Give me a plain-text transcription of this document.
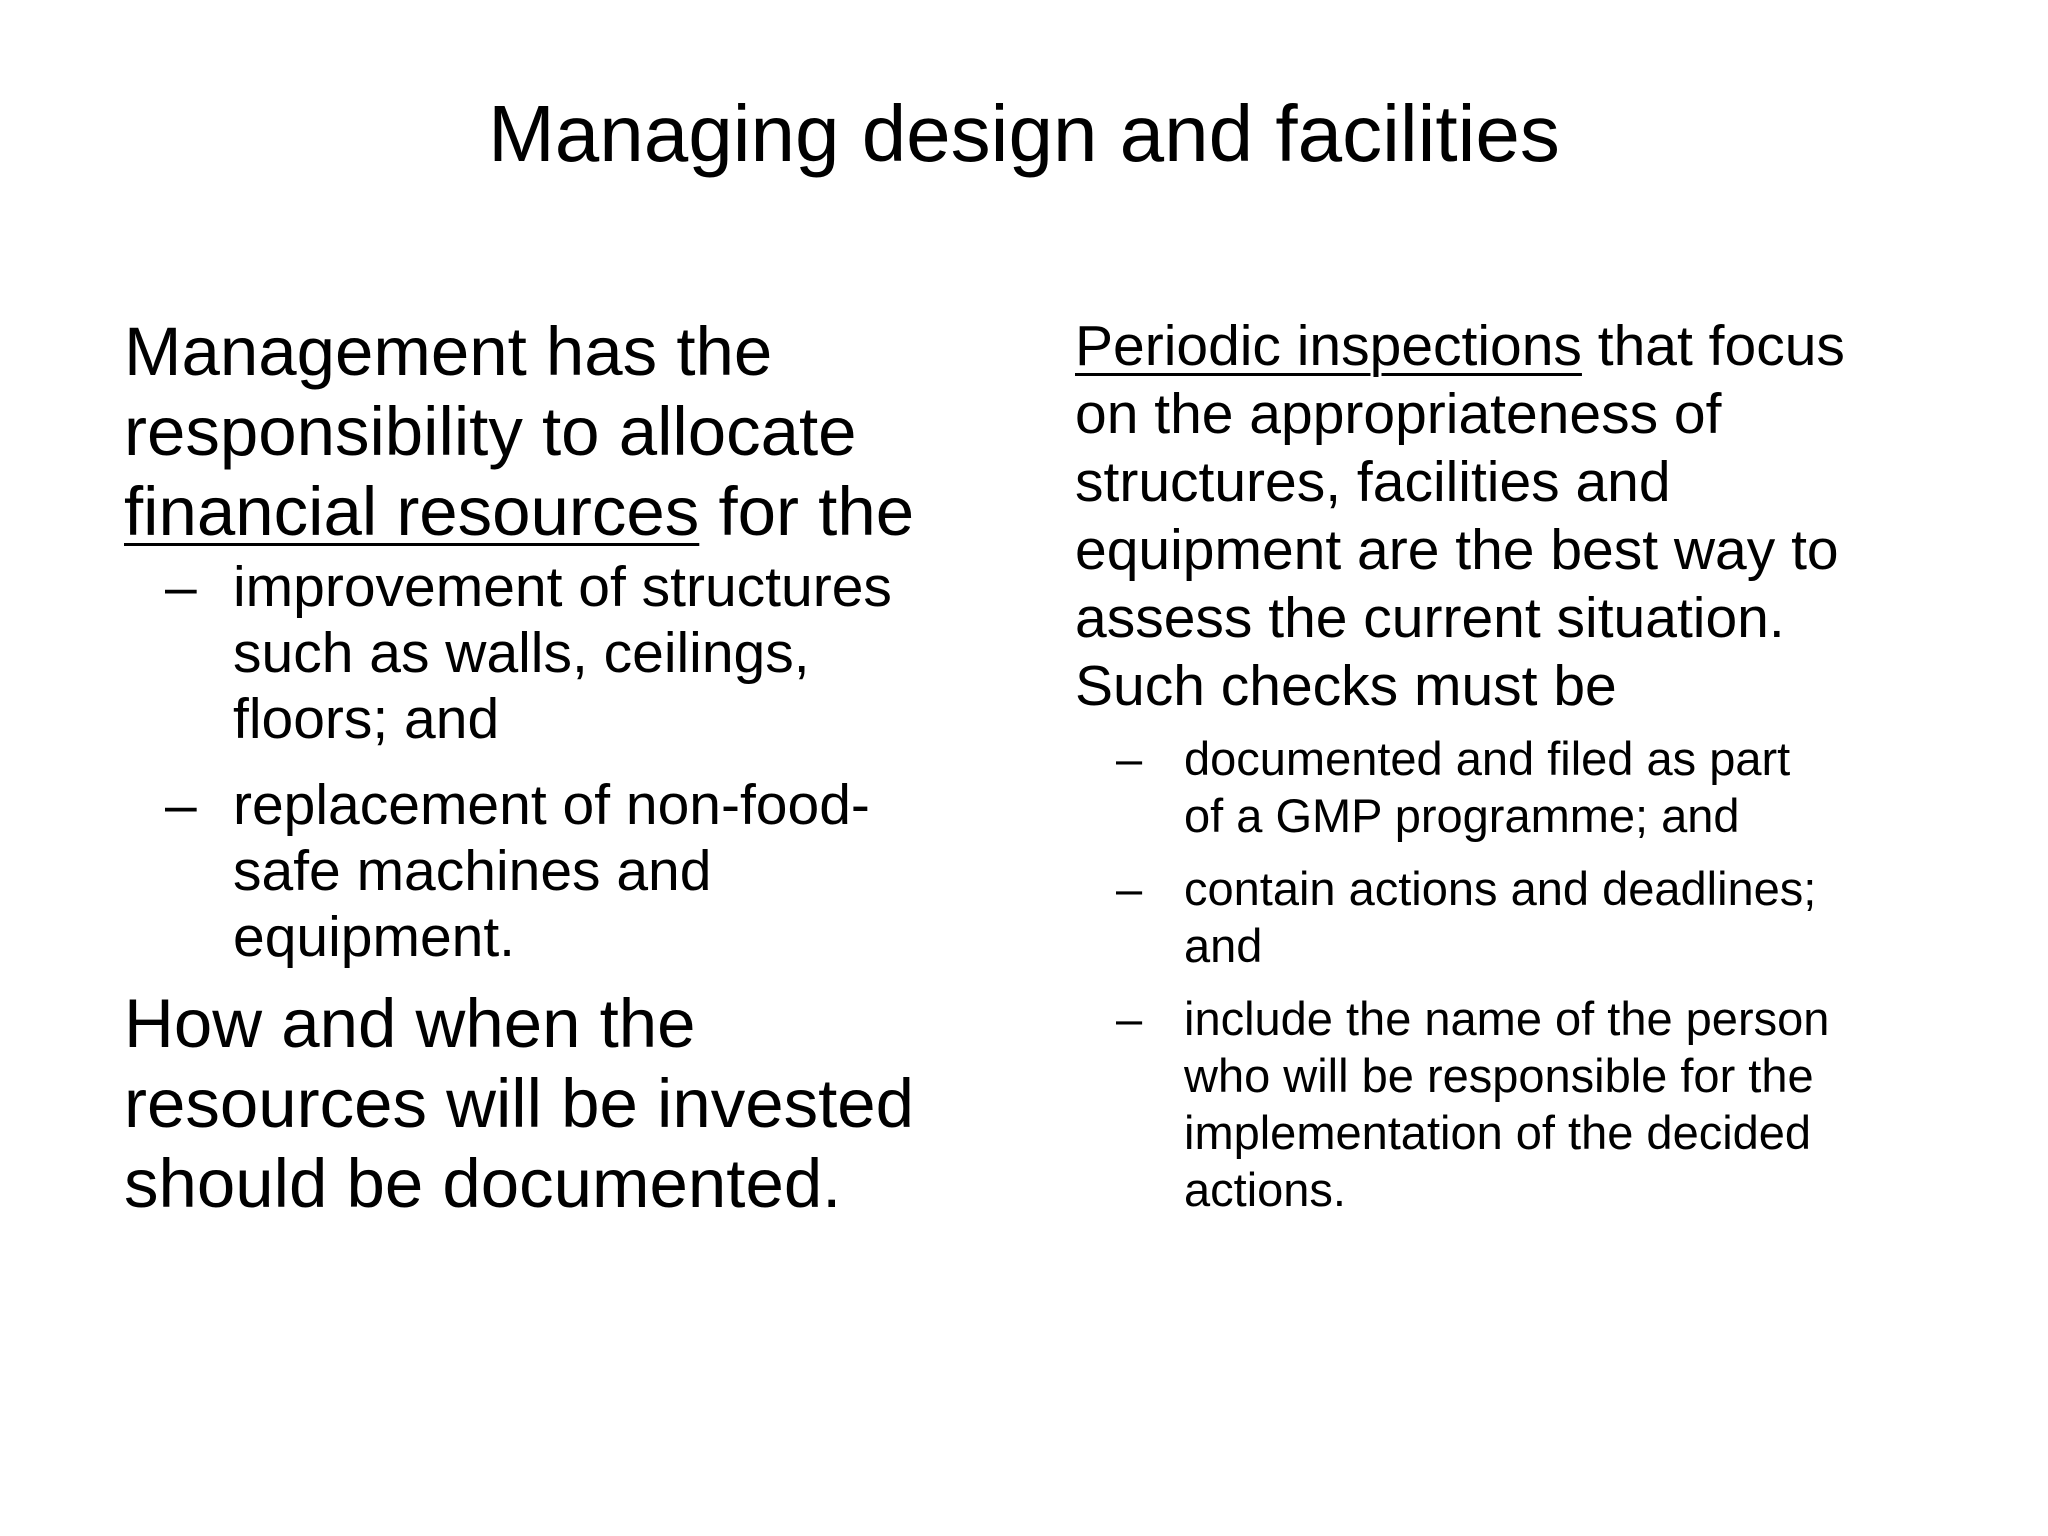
Managing design and facilities

Management has the
responsibility to allocate
financial resources for the

– improvement of structures
such as walls, ceilings,
floors; and
– replacement of non-food-
safe machines and
equipment.

How and when the
resources will be invested
should be documented.

Periodic inspections that focus
on the appropriateness of
structures, facilities and
equipment are the best way to
assess the current situation.
Such checks must be

– documented and filed as part
of a GMP programme; and
– contain actions and deadlines;
and
– include the name of the person
who will be responsible for the
implementation of the decided
actions.
